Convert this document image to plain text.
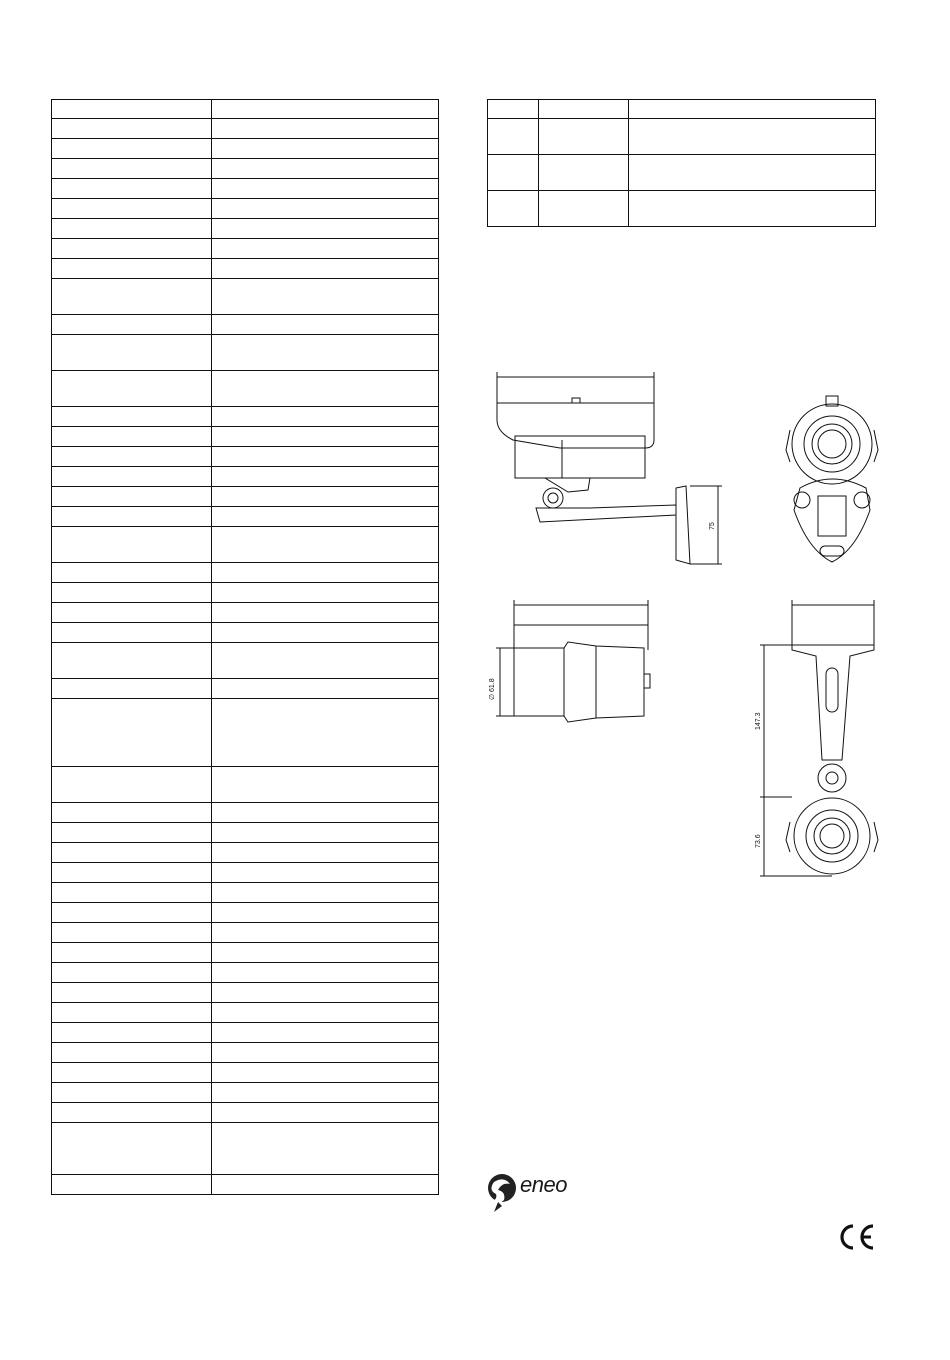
75
∅ 61.8
147.3
73.6
eneo
